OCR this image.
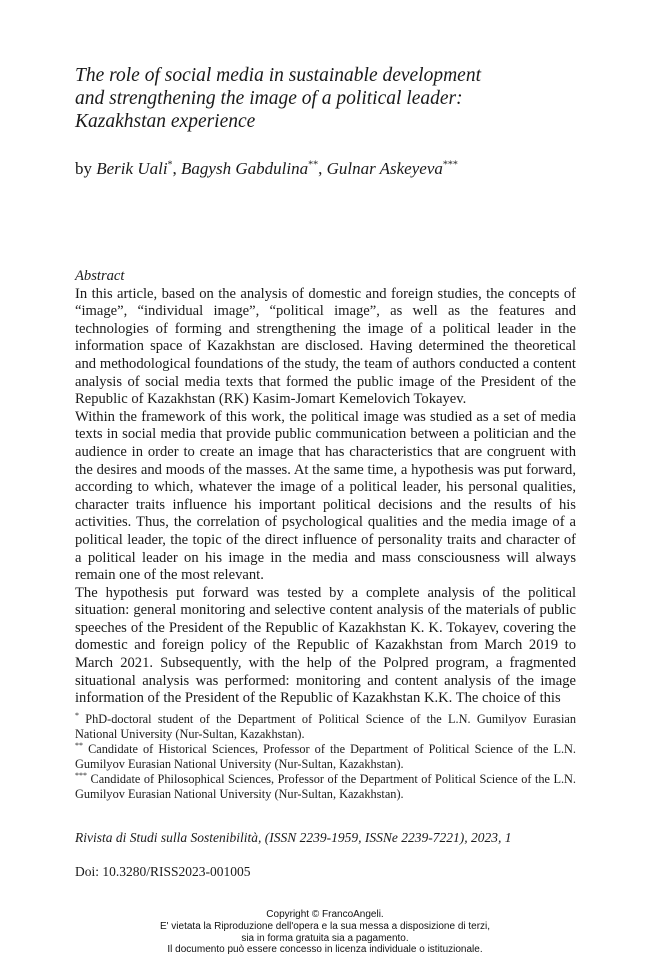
The role of social media in sustainable development
and strengthening the image of a political leader:
Kazakhstan experience
by Berik Uali*, Bagysh Gabdulina**, Gulnar Askeyeva***
Abstract

In this article, based on the analysis of domestic and foreign studies, the concepts of “image”, “individual image”, “political image”, as well as the features and technologies of forming and strengthening the image of a political leader in the information space of Kazakhstan are disclosed. Having determined the theoretical and methodological foundations of the study, the team of authors conducted a content analysis of social media texts that formed the public image of the President of the Republic of Kazakhstan (RK) Kasim-Jomart Kemelovich Tokayev.

Within the framework of this work, the political image was studied as a set of media texts in social media that provide public communication between a politician and the audience in order to create an image that has characteristics that are congruent with the desires and moods of the masses. At the same time, a hypothesis was put forward, according to which, whatever the image of a political leader, his personal qualities, character traits influence his important political decisions and the results of his activities. Thus, the correlation of psychological qualities and the media image of a political leader, the topic of the direct influence of personality traits and character of a political leader on his image in the media and mass consciousness will always remain one of the most relevant.

The hypothesis put forward was tested by a complete analysis of the political situation: general monitoring and selective content analysis of the materials of public speeches of the President of the Republic of Kazakhstan K. K. Tokayev, covering the domestic and foreign policy of the Republic of Kazakhstan from March 2019 to March 2021. Subsequently, with the help of the Polpred program, a fragmented situational analysis was performed: monitoring and content analysis of the image information of the President of the Republic of Kazakhstan K.K. The choice of this

* PhD-doctoral student of the Department of Political Science of the L.N. Gumilyov Eurasian National University (Nur-Sultan, Kazakhstan).

** Candidate of Historical Sciences, Professor of the Department of Political Science of the L.N. Gumilyov Eurasian National University (Nur-Sultan, Kazakhstan).

*** Candidate of Philosophical Sciences, Professor of the Department of Political Science of the L.N. Gumilyov Eurasian National University (Nur-Sultan, Kazakhstan).

Rivista di Studi sulla Sostenibilità, (ISSN 2239-1959, ISSNe 2239-7221), 2023, 1
Doi: 10.3280/RISS2023-001005
Copyright © FrancoAngeli.
E' vietata la Riproduzione dell'opera e la sua messa a disposizione di terzi,
sia in forma gratuita sia a pagamento.
Il documento può essere concesso in licenza individuale o istituzionale.
